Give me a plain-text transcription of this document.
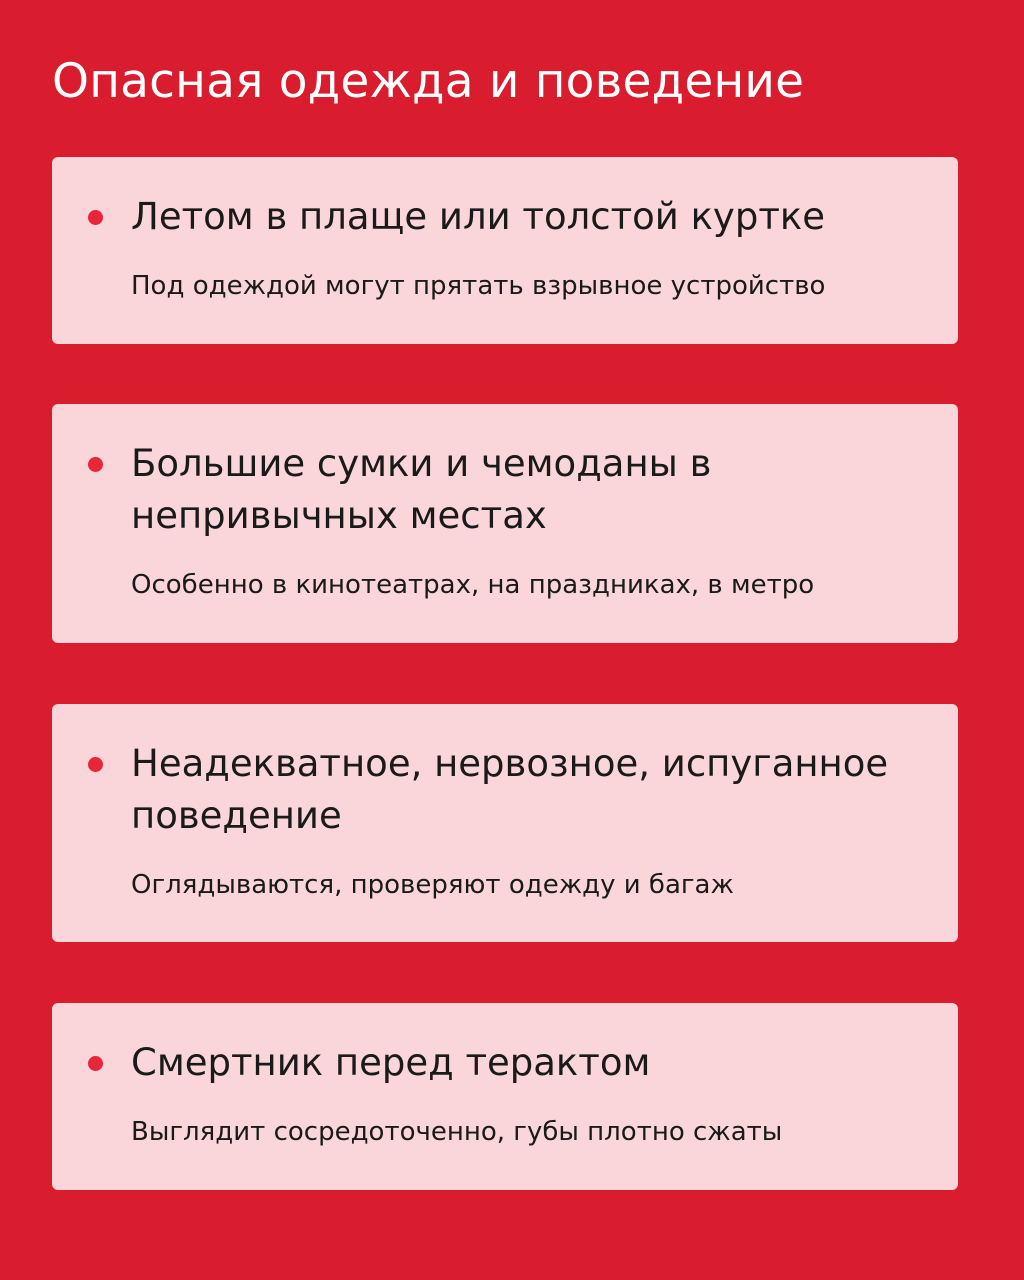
Опасная одежда и поведение
Летом в плаще или толстой куртке

Под одеждой могут прятать взрывное устройство

Большие сумки и чемоданы в непривычных местах

Особенно в кинотеатрах, на праздниках, в метро

Неадекватное, нервозное, испуганное поведение

Оглядываются, проверяют одежду и багаж

Смертник перед терактом

Выглядит сосредоточенно, губы плотно сжаты
